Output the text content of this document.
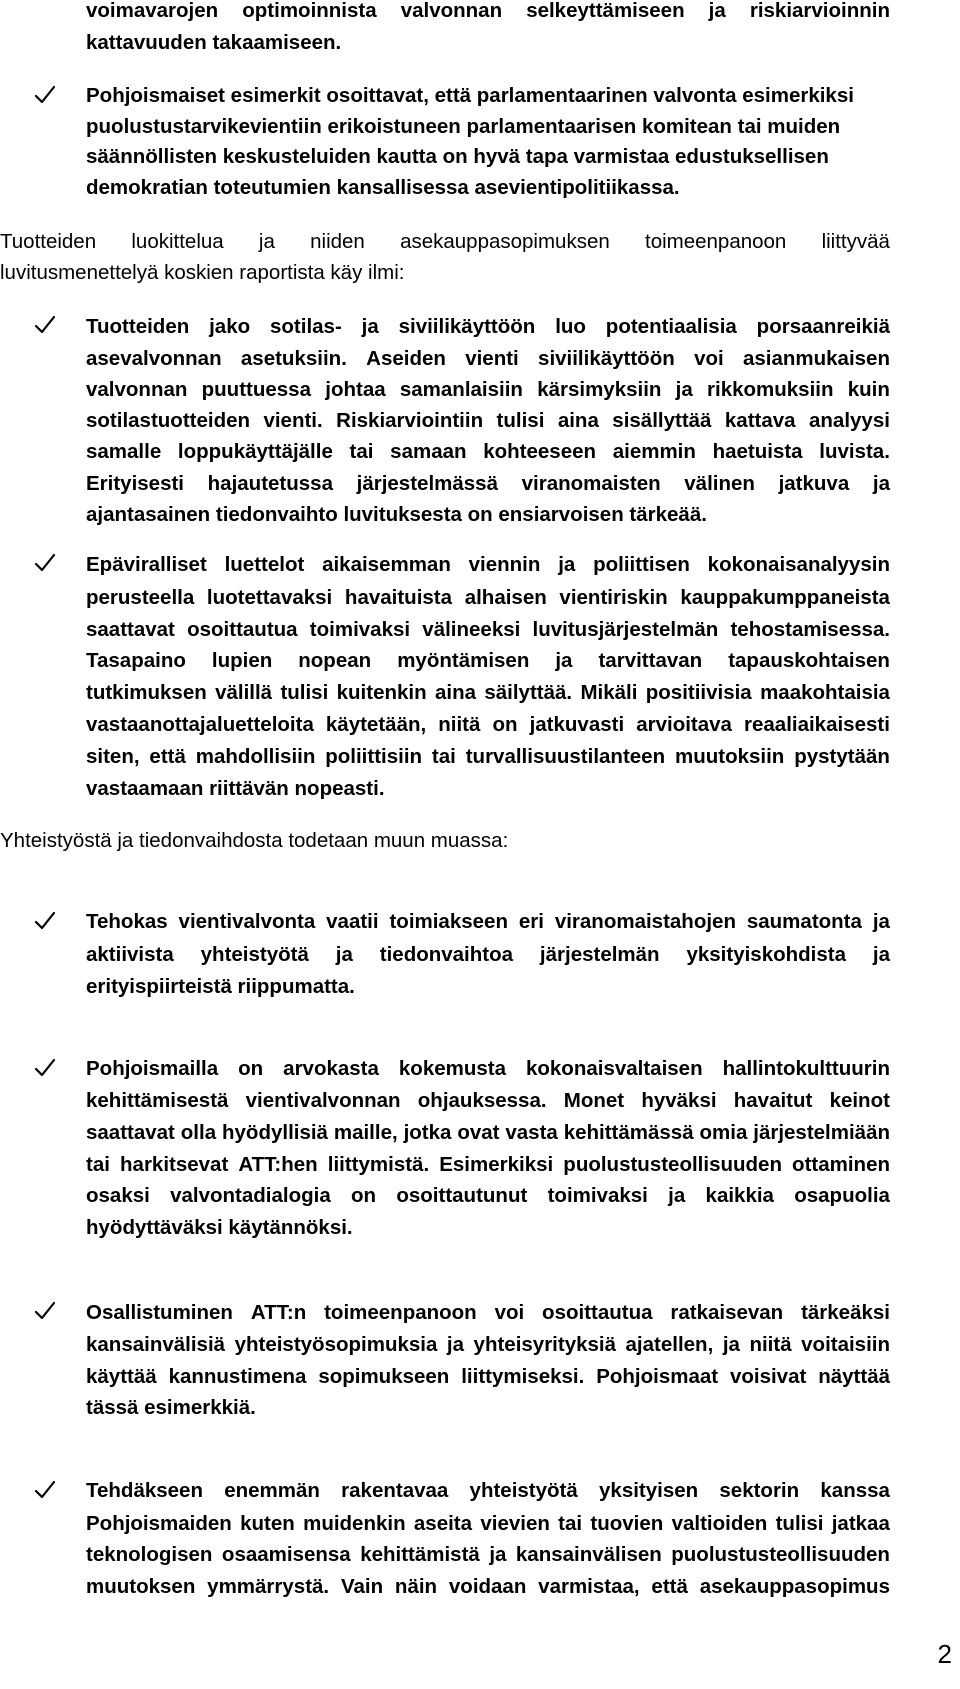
voimavarojen optimoinnista valvonnan selkeyttämiseen ja riskiarvioinnin
kattavuuden takaamiseen.
Pohjoismaiset esimerkit osoittavat, että parlamentaarinen valvonta esimerkiksi
puolustustarvikevientiin erikoistuneen parlamentaarisen komitean tai muiden
säännöllisten keskusteluiden kautta on hyvä tapa varmistaa edustuksellisen
demokratian toteutumien kansallisessa asevientipolitiikassa.
Tuotteiden luokittelua ja niiden asekauppasopimuksen toimeenpanoon liittyvää
luvitusmenettelyä koskien raportista käy ilmi:
Tuotteiden jako sotilas- ja siviilikäyttöön luo potentiaalisia porsaanreikiä
asevalvonnan asetuksiin. Aseiden vienti siviilikäyttöön voi asianmukaisen
valvonnan puuttuessa johtaa samanlaisiin kärsimyksiin ja rikkomuksiin kuin
sotilastuotteiden vienti. Riskiarviointiin tulisi aina sisällyttää kattava analyysi
samalle loppukäyttäjälle tai samaan kohteeseen aiemmin haetuista luvista.
Erityisesti hajautetussa järjestelmässä viranomaisten välinen jatkuva ja
ajantasainen tiedonvaihto luvituksesta on ensiarvoisen tärkeää.
Epäviralliset luettelot aikaisemman viennin ja poliittisen kokonaisanalyysin
perusteella luotettavaksi havaituista alhaisen vientiriskin kauppakumppaneista
saattavat osoittautua toimivaksi välineeksi luvitusjärjestelmän tehostamisessa.
Tasapaino lupien nopean myöntämisen ja tarvittavan tapauskohtaisen
tutkimuksen välillä tulisi kuitenkin aina säilyttää. Mikäli positiivisia maakohtaisia
vastaanottajaluetteloita käytetään, niitä on jatkuvasti arvioitava reaaliaikaisesti
siten, että mahdollisiin poliittisiin tai turvallisuustilanteen muutoksiin pystytään
vastaamaan riittävän nopeasti.
Yhteistyöstä ja tiedonvaihdosta todetaan muun muassa:
Tehokas vientivalvonta vaatii toimiakseen eri viranomaistahojen saumatonta ja
aktiivista yhteistyötä ja tiedonvaihtoa järjestelmän yksityiskohdista ja
erityispiirteistä riippumatta.
Pohjoismailla on arvokasta kokemusta kokonaisvaltaisen hallintokulttuurin
kehittämisestä vientivalvonnan ohjauksessa. Monet hyväksi havaitut keinot
saattavat olla hyödyllisiä maille, jotka ovat vasta kehittämässä omia järjestelmiään
tai harkitsevat ATT:hen liittymistä. Esimerkiksi puolustusteollisuuden ottaminen
osaksi valvontadialogia on osoittautunut toimivaksi ja kaikkia osapuolia
hyödyttäväksi käytännöksi.
Osallistuminen ATT:n toimeenpanoon voi osoittautua ratkaisevan tärkeäksi
kansainvälisiä yhteistyösopimuksia ja yhteisyrityksiä ajatellen, ja niitä voitaisiin
käyttää kannustimena sopimukseen liittymiseksi. Pohjoismaat voisivat näyttää
tässä esimerkkiä.
Tehdäkseen enemmän rakentavaa yhteistyötä yksityisen sektorin kanssa
Pohjoismaiden kuten muidenkin aseita vievien tai tuovien valtioiden tulisi jatkaa
teknologisen osaamisensa kehittämistä ja kansainvälisen puolustusteollisuuden
muutoksen ymmärrystä. Vain näin voidaan varmistaa, että asekauppasopimus
2
